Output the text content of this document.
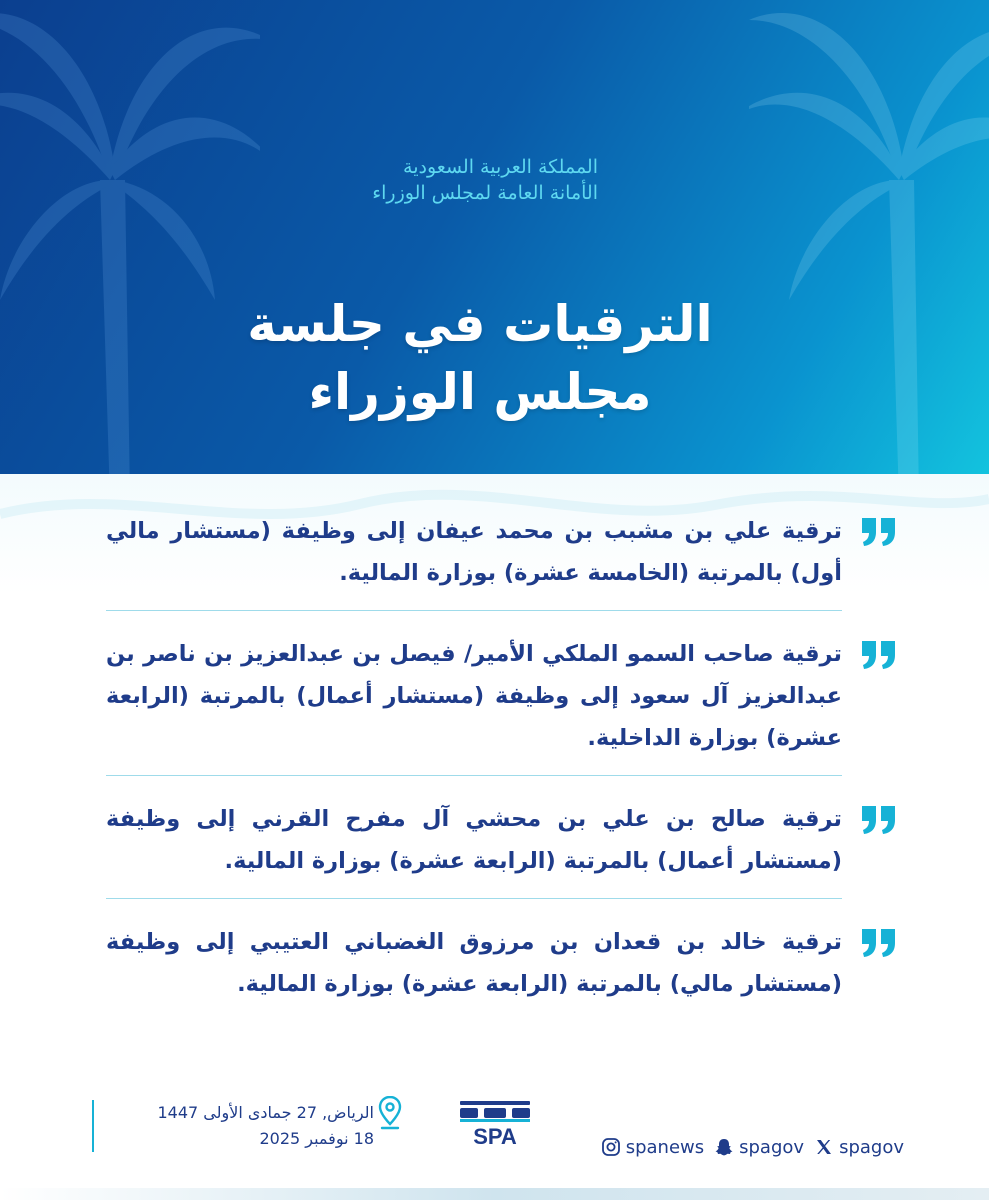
المملكة العربية السعودية
الأمانة العامة لمجلس الوزراء
الترقيات في جلسة
مجلس الوزراء
ترقية علي بن مشبب بن محمد عيفان إلى وظيفة (مستشار مالي أول) بالمرتبة (الخامسة عشرة) بوزارة المالية.
ترقية صاحب السمو الملكي الأمير/ فيصل بن عبدالعزيز بن ناصر بن عبدالعزيز آل سعود إلى وظيفة (مستشار أعمال) بالمرتبة (الرابعة عشرة) بوزارة الداخلية.
ترقية صالح بن علي بن محشي آل مفرح القرني إلى وظيفة (مستشار أعمال) بالمرتبة (الرابعة عشرة) بوزارة المالية.
ترقية خالد بن قعدان بن مرزوق الغضباني العتيبي إلى وظيفة (مستشار مالي) بالمرتبة (الرابعة عشرة) بوزارة المالية.
الرياض, 27 جمادى الأولى 1447
18 نوفمبر 2025	SPA	spanews spagov spagov
